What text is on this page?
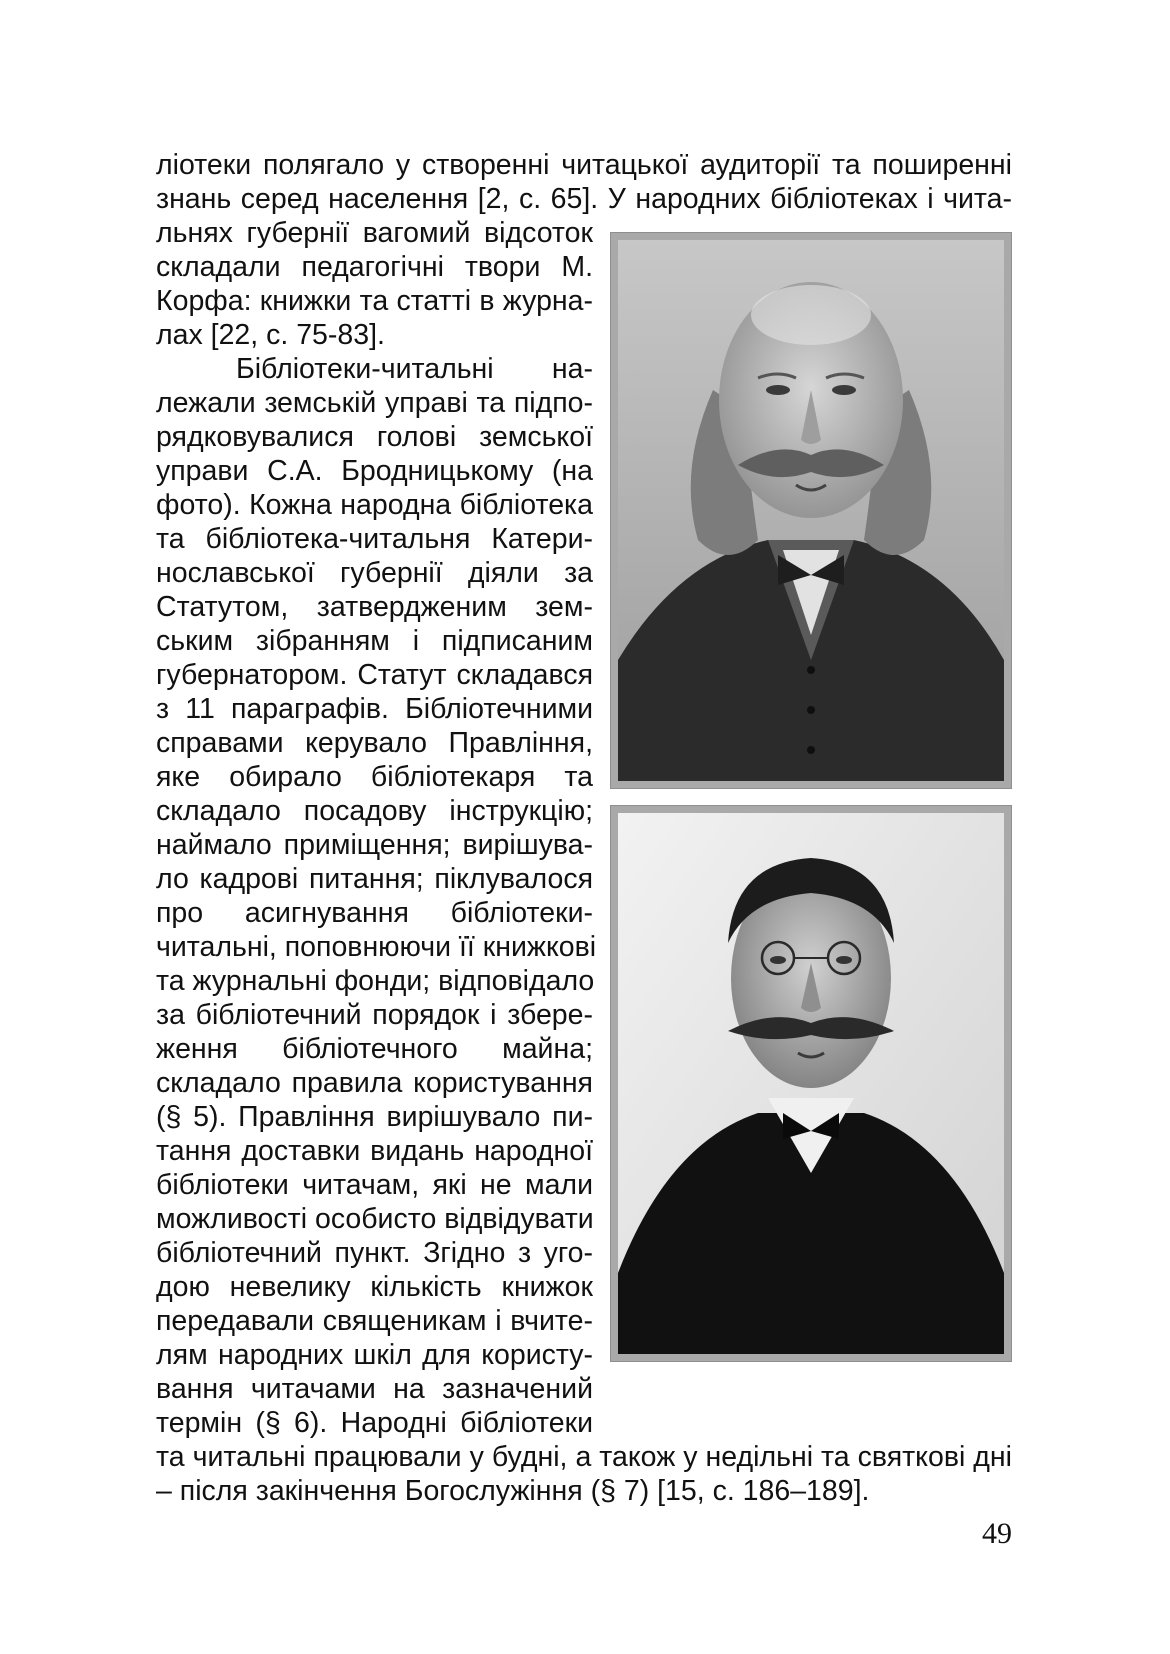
ліотеки полягало у створенні читацької аудиторії та поширенні
знань серед населення [2, с. 65]. У народних бібліотеках і чита-
льнях губернії вагомий відсоток
складали педагогічні твори М.
Корфа: книжки та статті в журна-
лах [22, с. 75-83].
Бібліотеки-читальні на-
лежали земській управі та підпо-
рядковувалися голові земської
управи С.А. Бродницькому (на
фото). Кожна народна бібліотека
та бібліотека-читальня Катери-
нославської губернії діяли за
Статутом, затвердженим зем-
ським зібранням і підписаним
губернатором. Статут складався
з 11 параграфів. Бібліотечними
справами керувало Правління,
яке обирало бібліотекаря та
складало посадову інструкцію;
наймало приміщення; вирішува-
ло кадрові питання; піклувалося
про асигнування бібліотеки-
читальні, поповнюючи її книжкові
та журнальні фонди; відповідало
за бібліотечний порядок і збере-
ження бібліотечного майна;
складало правила користування
(§ 5). Правління вирішувало пи-
тання доставки видань народної
бібліотеки читачам, які не мали
можливості особисто відвідувати
бібліотечний пункт. Згідно з уго-
дою невелику кількість книжок
передавали священикам і вчите-
лям народних шкіл для користу-
вання читачами на зазначений
термін (§ 6). Народні бібліотеки
та читальні працювали у будні, а також у недільні та святкові дні
– після закінчення Богослужіння (§ 7) [15, с. 186–189].
49
